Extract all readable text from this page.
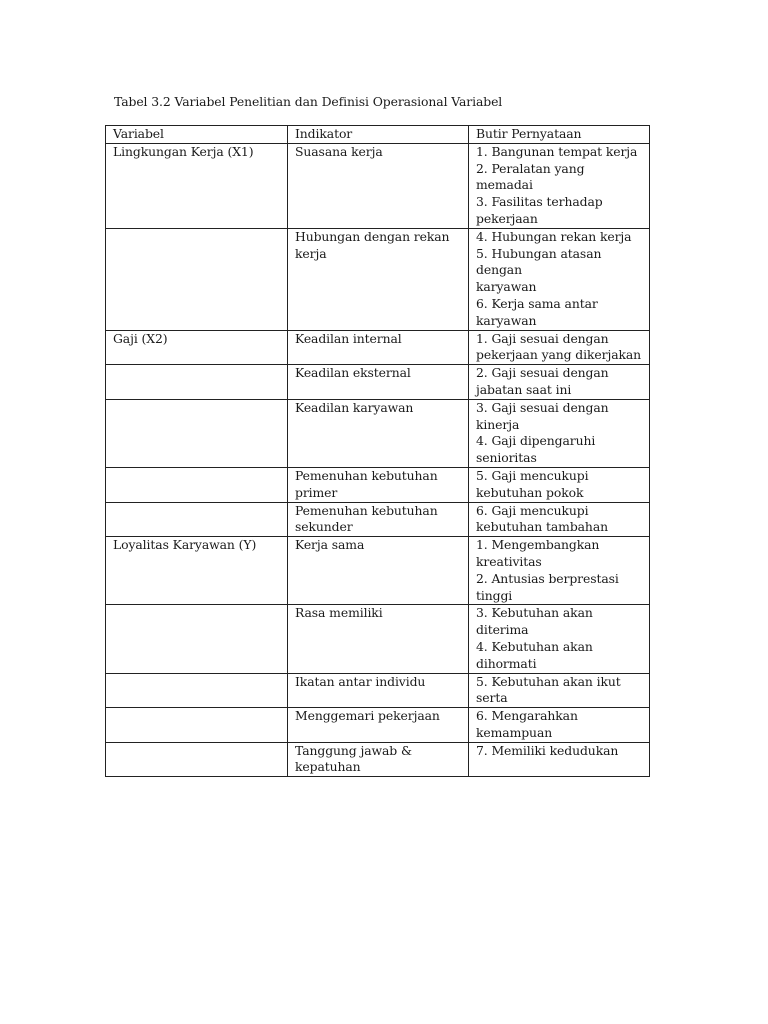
Tabel 3.2 Variabel Penelitian dan Definisi Operasional Variabel
Variabel	Indikator	Butir Pernyataan
Lingkungan Kerja (X1)	Suasana kerja	1. Bangunan tempat kerja
2. Peralatan yang memadai
3. Fasilitas terhadap
pekerjaan

	Hubungan dengan rekan
kerja	4. Hubungan rekan kerja
5. Hubungan atasan dengan
karyawan
6. Kerja sama antar
karyawan

Gaji (X2)	Keadilan internal	1. Gaji sesuai dengan
pekerjaan yang dikerjakan

	Keadilan eksternal	2. Gaji sesuai dengan
jabatan saat ini

	Keadilan karyawan	3. Gaji sesuai dengan kinerja
4. Gaji dipengaruhi
senioritas

	Pemenuhan kebutuhan
primer	5. Gaji mencukupi
kebutuhan pokok

	Pemenuhan kebutuhan
sekunder	6. Gaji mencukupi
kebutuhan tambahan

Loyalitas Karyawan (Y)	Kerja sama	1. Mengembangkan
kreativitas
2. Antusias berprestasi
tinggi

	Rasa memiliki	3. Kebutuhan akan diterima
4. Kebutuhan akan
dihormati

	Ikatan antar individu	5. Kebutuhan akan ikut
serta

	Menggemari pekerjaan	6. Mengarahkan
kemampuan

	Tanggung jawab &
kepatuhan	7. Memiliki kedudukan
